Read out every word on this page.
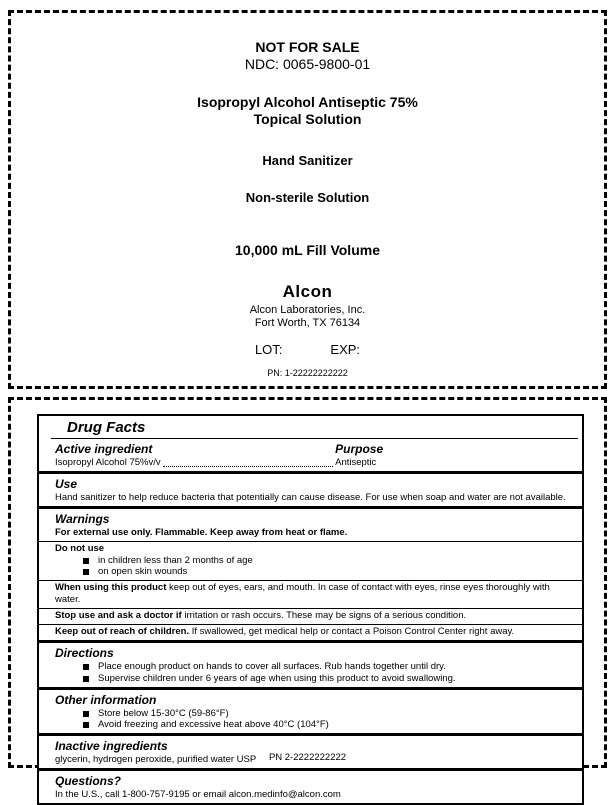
NOT FOR SALE
NDC: 0065-9800-01
Isopropyl Alcohol Antiseptic 75%
Topical Solution
Hand Sanitizer
Non-sterile Solution
10,000 mL Fill Volume
Alcon
Alcon Laboratories, Inc.
Fort Worth, TX 76134
LOT:	EXP:
PN: 1-22222222222
Drug Facts
Active ingredient	Purpose
Isopropyl Alcohol 75%v/v	Antiseptic
Use
Hand sanitizer to help reduce bacteria that potentially can cause disease. For use when soap and water are not available.
Warnings
For external use only. Flammable. Keep away from heat or flame.
Do not use
in children less than 2 months of age
on open skin wounds
When using this product keep out of eyes, ears, and mouth. In case of contact with eyes, rinse eyes thoroughly with water.
Stop use and ask a doctor if irritation or rash occurs. These may be signs of a serious condition.
Keep out of reach of children. If swallowed, get medical help or contact a Poison Control Center right away.
Directions
Place enough product on hands to cover all surfaces. Rub hands together until dry.
Supervise children under 6 years of age when using this product to avoid swallowing.
Other information
Store below 15-30°C (59-86°F)
Avoid freezing and excessive heat above 40°C (104°F)
Inactive ingredients
glycerin, hydrogen peroxide, purified water USP
Questions?
In the U.S., call 1-800-757-9195 or email alcon.medinfo@alcon.com
PN 2-2222222222
